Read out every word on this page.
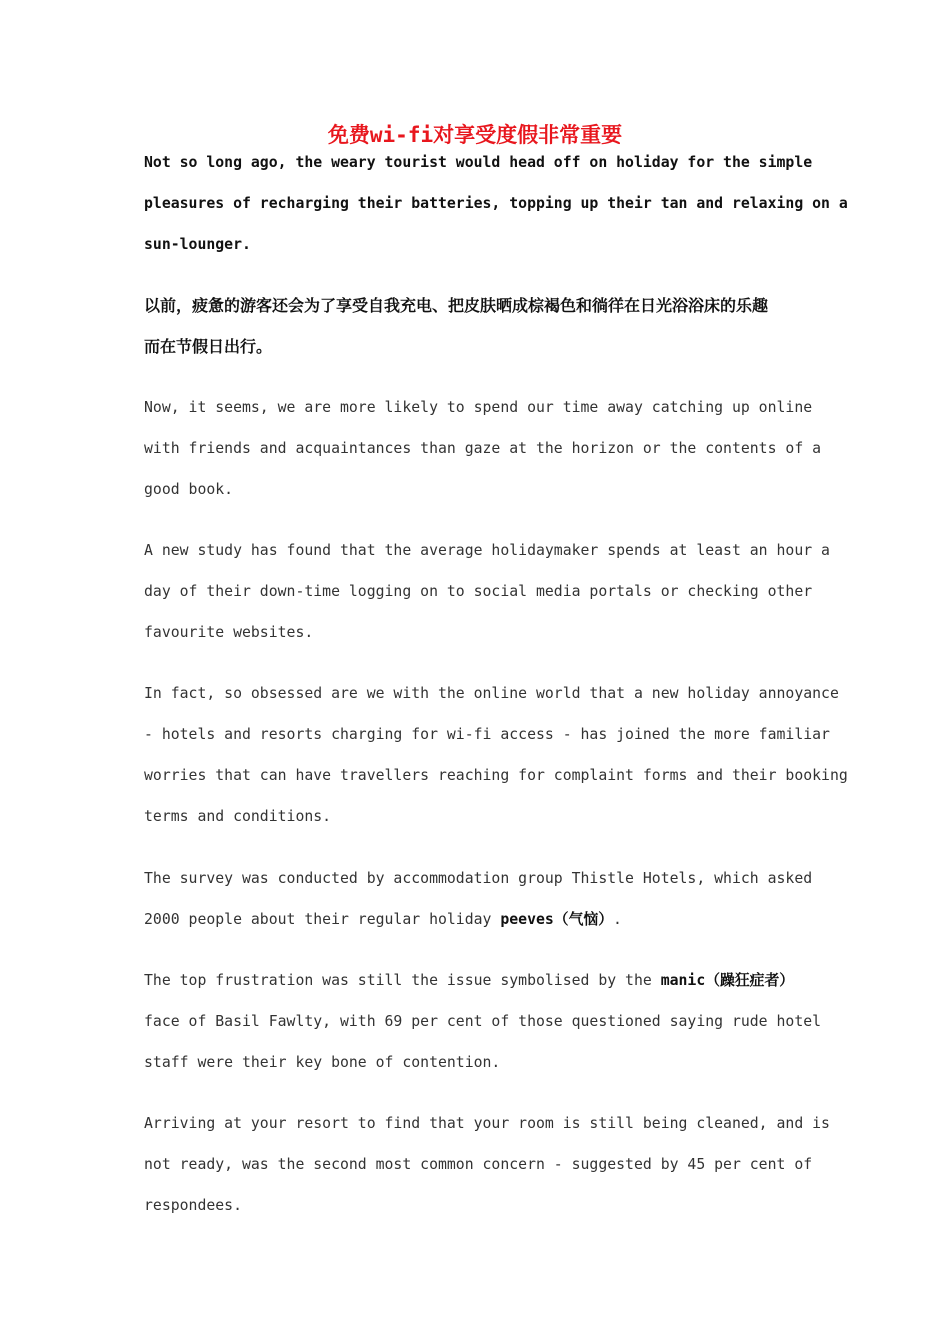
免费wi-fi对享受度假非常重要
Not so long ago, the weary tourist would head off on holiday for the simple
pleasures of recharging their batteries, topping up their tan and relaxing on a
sun-lounger.
以前，疲惫的游客还会为了享受自我充电、把皮肤晒成棕褐色和徜徉在日光浴浴床的乐趣
而在节假日出行。
Now, it seems, we are more likely to spend our time away catching up online
with friends and acquaintances than gaze at the horizon or the contents of a
good book.
A new study has found that the average holidaymaker spends at least an hour a
day of their down-time logging on to social media portals or checking other
favourite websites.
In fact, so obsessed are we with the online world that a new holiday annoyance
- hotels and resorts charging for wi-fi access - has joined the more familiar
worries that can have travellers reaching for complaint forms and their booking
terms and conditions.
The survey was conducted by accommodation group Thistle Hotels, which asked
2000 people about their regular holiday peeves（气恼）.
The top frustration was still the issue symbolised by the manic（躁狂症者）
face of Basil Fawlty, with 69 per cent of those questioned saying rude hotel
staff were their key bone of contention.
Arriving at your resort to find that your room is still being cleaned, and is
not ready, was the second most common concern - suggested by 45 per cent of
respondees.
